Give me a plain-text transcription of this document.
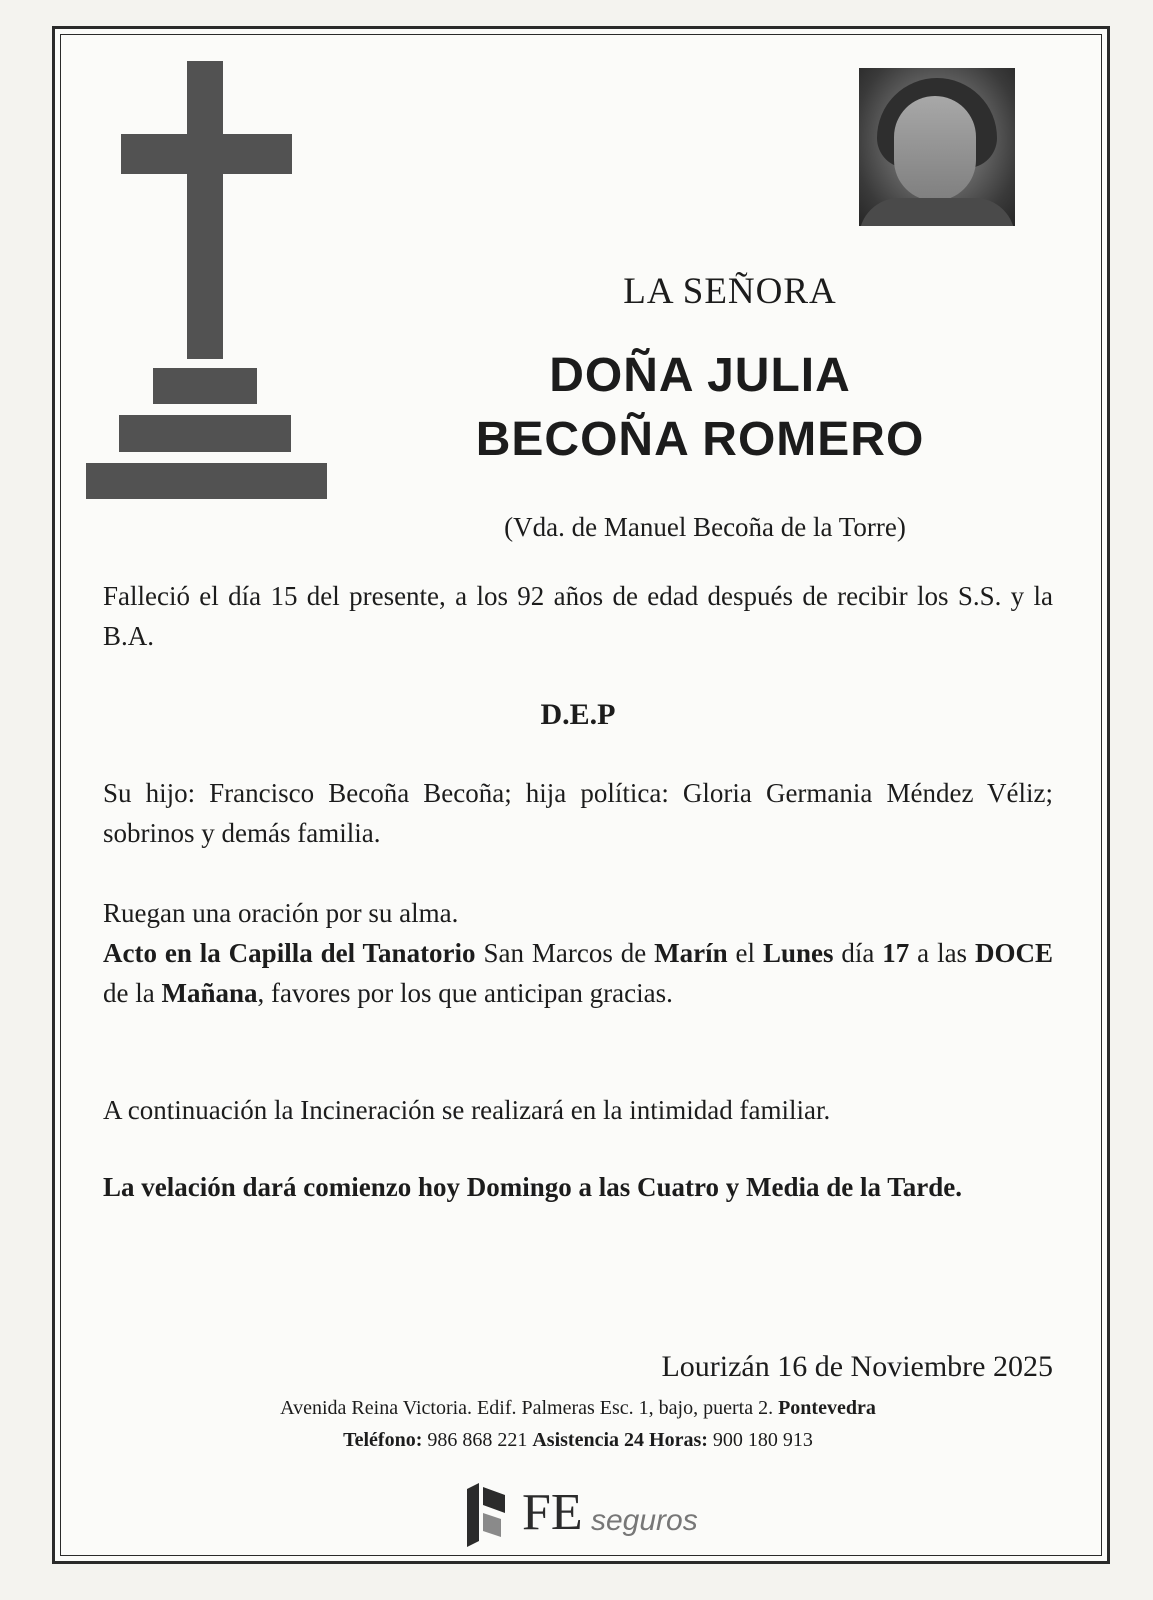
LA SEÑORA
DOÑA JULIA
BECOÑA ROMERO
(Vda. de Manuel Becoña de la Torre)
Falleció el día 15 del presente, a los 92 años de edad después de recibir los S.S. y la B.A.
D.E.P
Su hijo: Francisco Becoña Becoña; hija política: Gloria Germania Méndez Véliz; sobrinos y demás familia.
Ruegan una oración por su alma.
Acto en la Capilla del Tanatorio San Marcos de Marín el Lunes día 17 a las DOCE de la Mañana, favores por los que anticipan gracias.
A continuación la Incineración se realizará en la intimidad familiar.
La velación dará comienzo hoy Domingo a las Cuatro y Media de la Tarde.
Lourizán 16 de Noviembre 2025
Avenida Reina Victoria. Edif. Palmeras Esc. 1, bajo, puerta 2. Pontevedra
Teléfono: 986 868 221 Asistencia 24 Horas: 900 180 913
FE seguros
